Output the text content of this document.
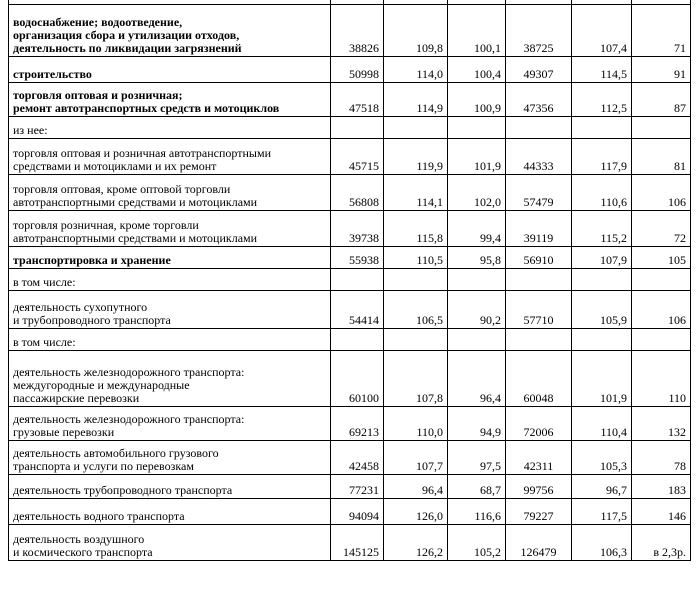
водоснабжение; водоотведение,
организация сбора и утилизации отходов,
деятельность по ликвидации загрязнений	38826	109,8	100,1	38725	107,4	71
строительство	50998	114,0	100,4	49307	114,5	91
торговля оптовая и розничная;
ремонт автотранспортных средств и мотоциклов	47518	114,9	100,9	47356	112,5	87
из нее:						
торговля оптовая и розничная автотранспортными
средствами и мотоциклами и их ремонт	45715	119,9	101,9	44333	117,9	81
торговля оптовая, кроме оптовой торговли
автотранспортными средствами и мотоциклами	56808	114,1	102,0	57479	110,6	106
торговля розничная, кроме торговли
автотранспортными средствами и мотоциклами	39738	115,8	99,4	39119	115,2	72
транспортировка и хранение	55938	110,5	95,8	56910	107,9	105
в том числе:						
деятельность сухопутного
и трубопроводного транспорта	54414	106,5	90,2	57710	105,9	106
в том числе:						
деятельность железнодорожного транспорта:
междугородные и международные
пассажирские перевозки	60100	107,8	96,4	60048	101,9	110
деятельность железнодорожного транспорта:
грузовые перевозки	69213	110,0	94,9	72006	110,4	132
деятельность автомобильного грузового
транспорта и услуги по перевозкам	42458	107,7	97,5	42311	105,3	78
деятельность трубопроводного транспорта	77231	96,4	68,7	99756	96,7	183
деятельность водного транспорта	94094	126,0	116,6	79227	117,5	146
деятельность воздушного
и космического транспорта	145125	126,2	105,2	126479	106,3	в 2,3р.
